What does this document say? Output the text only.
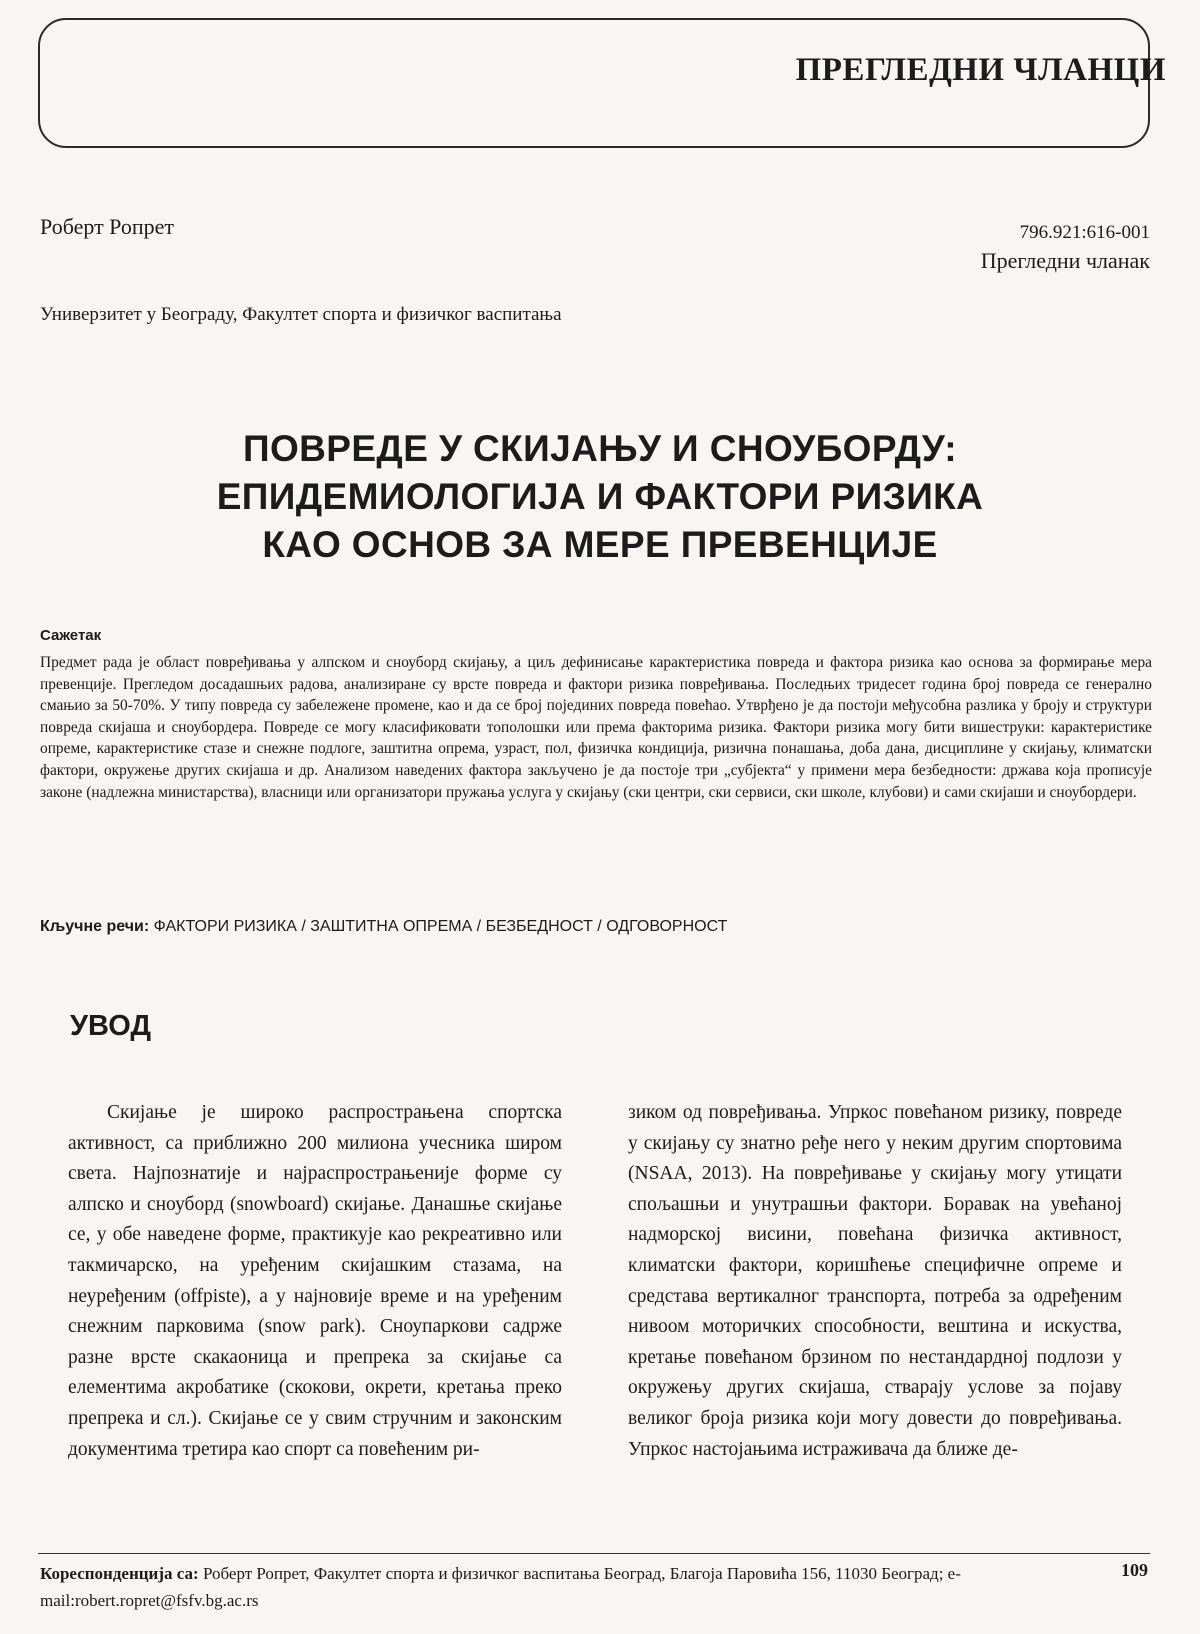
ПРЕГЛЕДНИ ЧЛАНЦИ
Роберт Ропрет	796.921:616-001
Прегледни чланак
Универзитет у Београду, Факултет спорта и физичког васпитања
ПОВРЕДЕ У СКИЈАЊУ И СНОУБОРДУ:
ЕПИДЕМИОЛОГИЈА И ФАКТОРИ РИЗИКА
КАО ОСНОВ ЗА МЕРЕ ПРЕВЕНЦИЈЕ
Сажетак

Предмет рада је област повређивања у алпском и сноуборд скијању, а циљ дефинисање карактеристика повреда и фактора ризика као основа за формирање мера превенције. Прегледом досадашњих радова, анализиране су врсте повреда и фактори ризика повређивања. Последњих тридесет година број повреда се генерално смањио за 50-70%. У типу повреда су забележене промене, као и да се број појединих повреда повећао. Утврђено је да постоји међусобна разлика у броју и структури повреда скијаша и сноубордера. Повреде се могу класификовати тополошки или према факторима ризика. Фактори ризика могу бити вишеструки: карактеристике опреме, карактеристике стазе и снежне подлоге, заштитна опрема, узраст, пол, физичка кондиција, ризична понашања, доба дана, дисциплине у скијању, климатски фактори, окружење других скијаша и др. Анализом наведених фактора закључено је да постоје три „субјекта“ у примени мера безбедности: држава која прописује законе (надлежна министарства), власници или организатори пружања услуга у скијању (ски центри, ски сервиси, ски школе, клубови) и сами скијаши и сноубордери.

Кључне речи: ФАКТОРИ РИЗИКА / ЗАШТИТНА ОПРЕМА / БЕЗБЕДНОСТ / ОДГОВОРНОСТ
УВОД

Скијање је широко распрострањена спортска активност, са приближно 200 милиона учесника широм света. Најпознатије и најраспрострањеније форме су алпско и сноуборд (snowboard) скијање. Данашње скијање се, у обе наведене форме, практикује као рекреативно или такмичарско, на уређеним скијашким стазама, на неуређеним (offpiste), а у најновије време и на уређеним снежним парковима (snow park). Сноупаркови садрже разне врсте скакаоница и препрека за скијање са елементима акробатике (скокови, окрети, кретања преко препрека и сл.). Скијање се у свим стручним и законским документима третира као спорт са повећеним ри-

зиком од повређивања. Упркос повећаном ризику, повреде у скијању су знатно ређе него у неким другим спортовима (NSAA, 2013). На повређивање у скијању могу утицати спољашњи и унутрашњи фактори. Боравак на увећаној надморској висини, повећана физичка активност, климатски фактори, коришћење специфичне опреме и средстава вертикалног транспорта, потреба за одређеним нивоом моторичких способности, вештина и искуства, кретање повећаном брзином по нестандардној подлози у окружењу других скијаша, стварају услове за појаву великог броја ризика који могу довести до повређивања. Упркос настојањима истраживача да ближе де-

Кореспонденција са: Роберт Ропрет, Факултет спорта и физичког васпитања Београд, Благоја Паровића 156, 11030 Београд; e-mail:robert.ropret@fsfv.bg.ac.rs
109
